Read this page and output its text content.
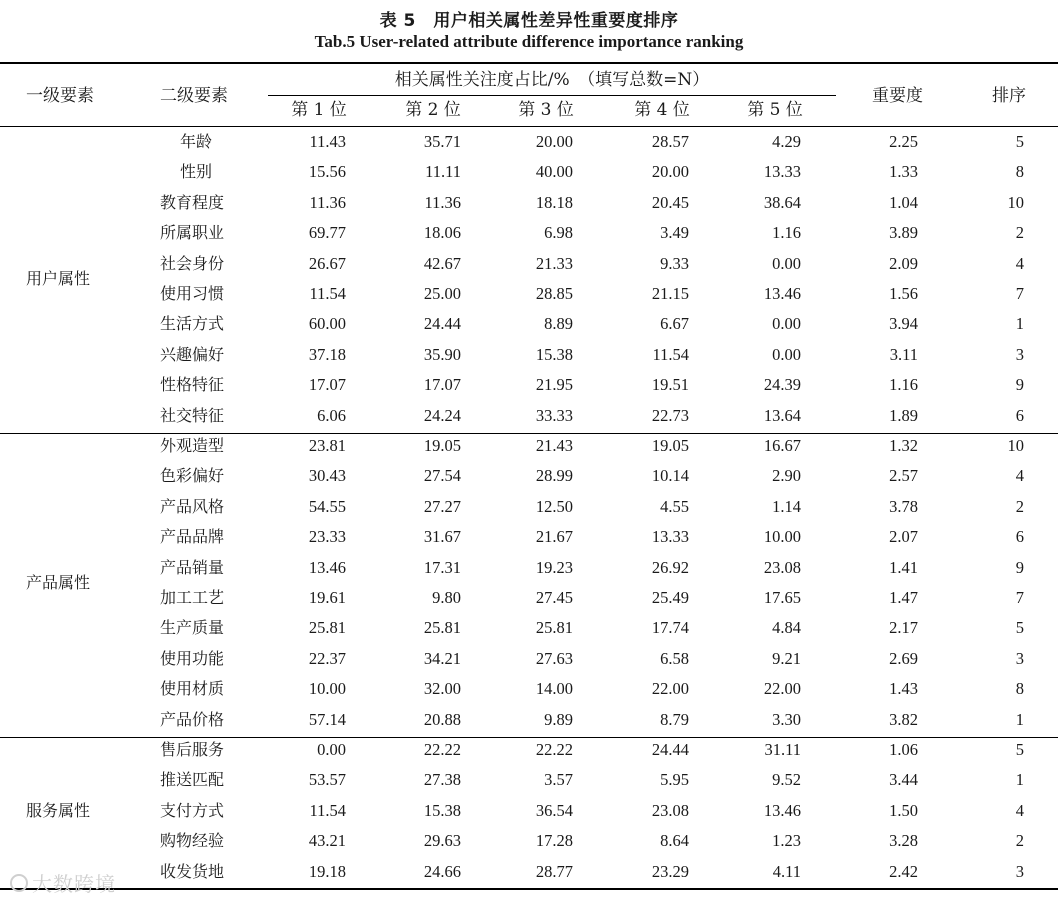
表 5　用户相关属性差异性重要度排序
Tab.5 User-related attribute difference importance ranking
一级要素	二级要素
相关属性关注度占比/%　（填写总数=N）
重要度	排序
第 1 位	第 2 位	第 3 位	第 4 位	第 5 位
年龄	11.43	35.71	20.00	28.57	4.29	2.25	5
性别	15.56	11.11	40.00	20.00	13.33	1.33	8
教育程度	11.36	11.36	18.18	20.45	38.64	1.04	10
所属职业	69.77	18.06	6.98	3.49	1.16	3.89	2
社会身份	26.67	42.67	21.33	9.33	0.00	2.09	4
使用习惯	11.54	25.00	28.85	21.15	13.46	1.56	7
生活方式	60.00	24.44	8.89	6.67	0.00	3.94	1
兴趣偏好	37.18	35.90	15.38	11.54	0.00	3.11	3
性格特征	17.07	17.07	21.95	19.51	24.39	1.16	9
社交特征	6.06	24.24	33.33	22.73	13.64	1.89	6
用户属性
外观造型	23.81	19.05	21.43	19.05	16.67	1.32	10
色彩偏好	30.43	27.54	28.99	10.14	2.90	2.57	4
产品风格	54.55	27.27	12.50	4.55	1.14	3.78	2
产品品牌	23.33	31.67	21.67	13.33	10.00	2.07	6
产品销量	13.46	17.31	19.23	26.92	23.08	1.41	9
加工工艺	19.61	9.80	27.45	25.49	17.65	1.47	7
生产质量	25.81	25.81	25.81	17.74	4.84	2.17	5
使用功能	22.37	34.21	27.63	6.58	9.21	2.69	3
使用材质	10.00	32.00	14.00	22.00	22.00	1.43	8
产品价格	57.14	20.88	9.89	8.79	3.30	3.82	1
产品属性
售后服务	0.00	22.22	22.22	24.44	31.11	1.06	5
推送匹配	53.57	27.38	3.57	5.95	9.52	3.44	1
支付方式	11.54	15.38	36.54	23.08	13.46	1.50	4
购物经验	43.21	29.63	17.28	8.64	1.23	3.28	2
收发货地	19.18	24.66	28.77	23.29	4.11	2.42	3
服务属性
大数跨境
